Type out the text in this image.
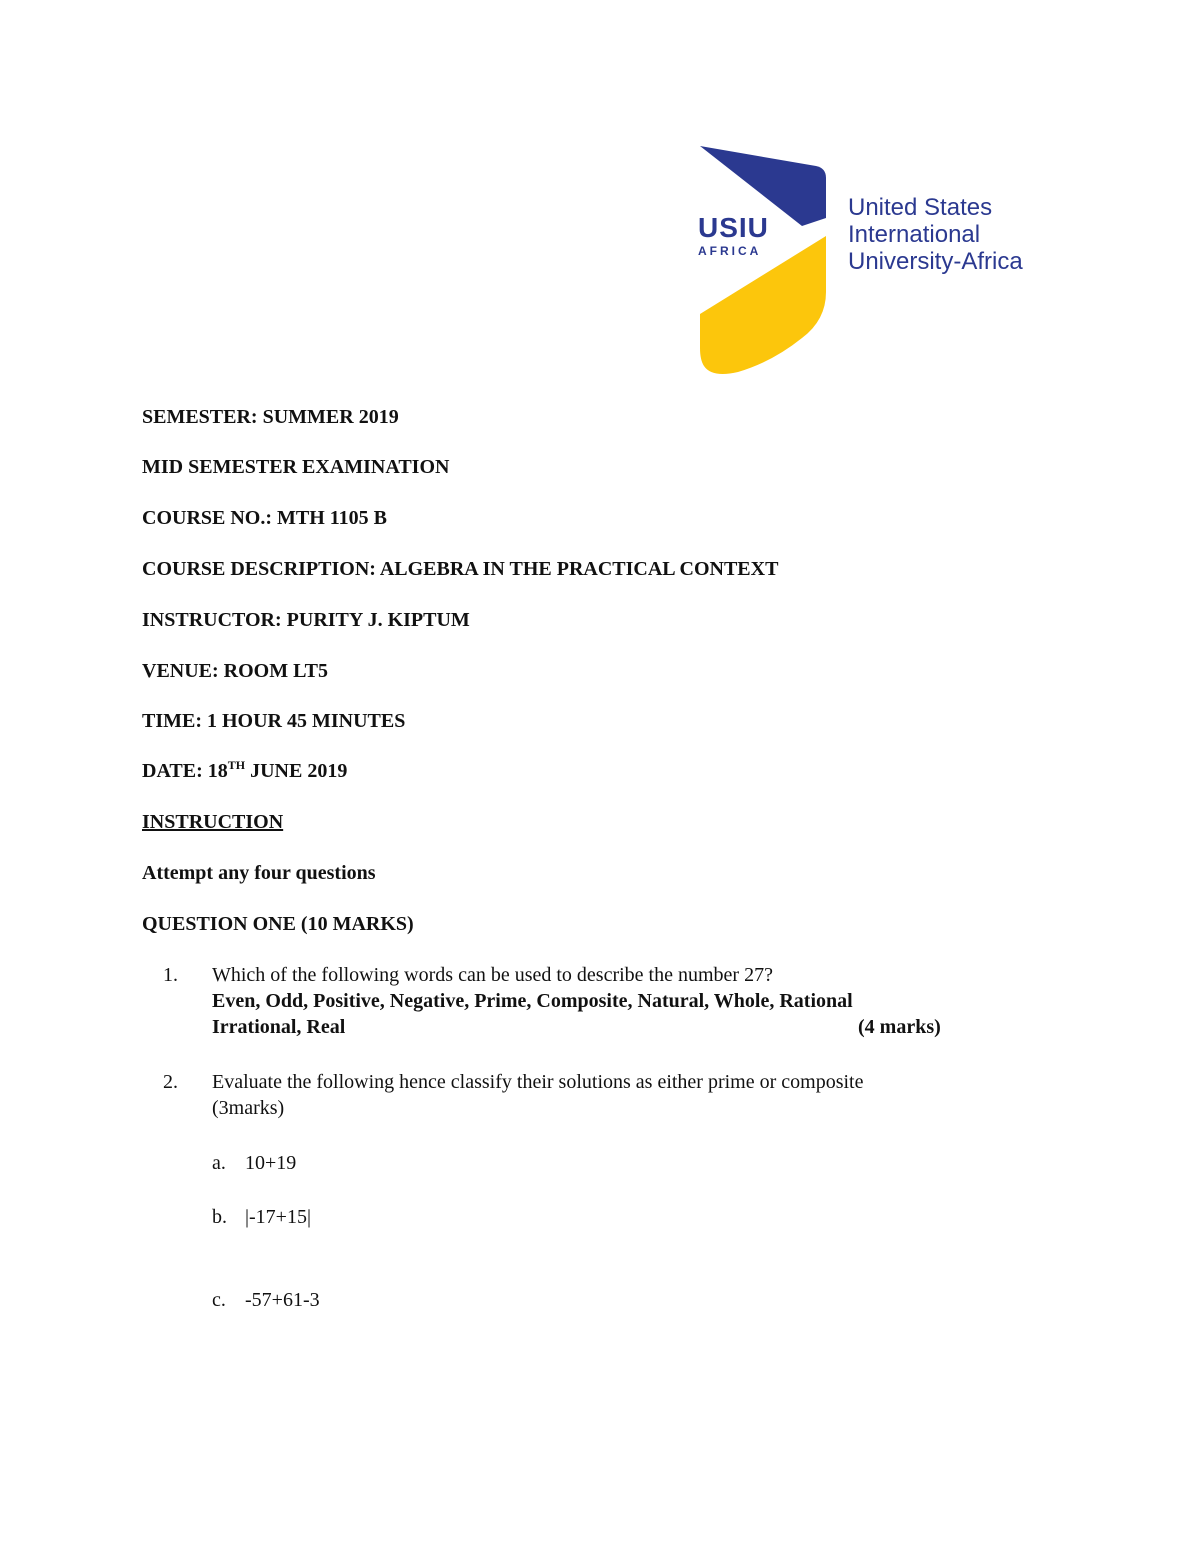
USIU
AFRICA
United States
International
University-Africa
SEMESTER: SUMMER 2019
MID SEMESTER EXAMINATION
COURSE NO.: MTH 1105 B
COURSE DESCRIPTION: ALGEBRA IN THE PRACTICAL CONTEXT
INSTRUCTOR: PURITY J. KIPTUM
VENUE: ROOM LT5
TIME: 1 HOUR 45 MINUTES
DATE: 18TH JUNE 2019
INSTRUCTION
Attempt any four questions
QUESTION ONE (10 MARKS)
1. Which of the following words can be used to describe the number 27?
Even, Odd, Positive, Negative, Prime, Composite, Natural, Whole, Rational
Irrational, Real	(4 marks)
2. Evaluate the following hence classify their solutions as either prime or composite
(3marks)
a. 10+19
b. |-17+15|
c. -57+61-3
